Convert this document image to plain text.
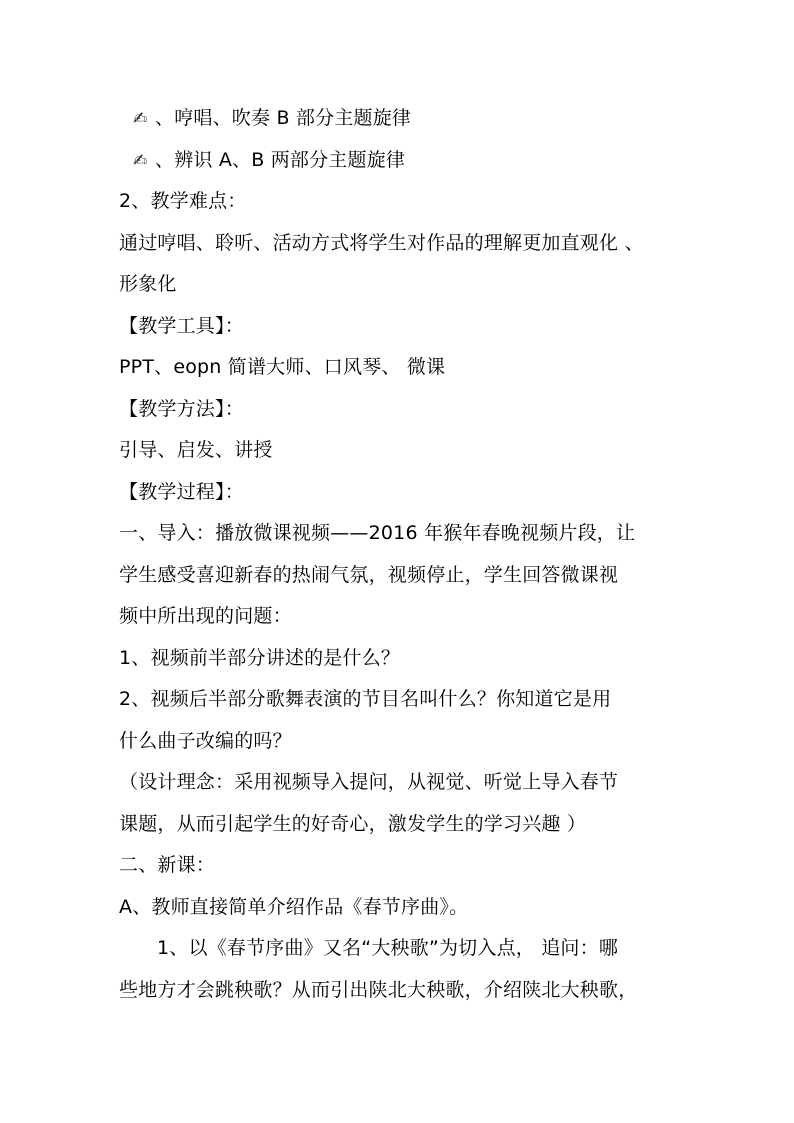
✍ 、哼唱、吹奏 B 部分主题旋律
✍ 、辨识 A、B 两部分主题旋律
2、教学难点：
通过哼唱、聆听、活动方式将学生对作品的理解更加直观化 、
形象化
【教学工具】：
PPT、eopn 简谱大师、口风琴、 微课
【教学方法】：
引导、启发、讲授
【教学过程】：
一、导入：播放微课视频——2016 年猴年春晚视频片段，让
学生感受喜迎新春的热闹气氛，视频停止，学生回答微课视
频中所出现的问题：
1、视频前半部分讲述的是什么？
2、视频后半部分歌舞表演的节目名叫什么？你知道它是用
什么曲子改编的吗？
（设计理念：采用视频导入提问，从视觉、听觉上导入春节
课题，从而引起学生的好奇心，激发学生的学习兴趣 ）
二、新课：
A、教师直接简单介绍作品《春节序曲》。
1、以《春节序曲》又名“大秧歌”为切入点， 追问：哪
些地方才会跳秧歌？从而引出陕北大秧歌，介绍陕北大秧歌，
